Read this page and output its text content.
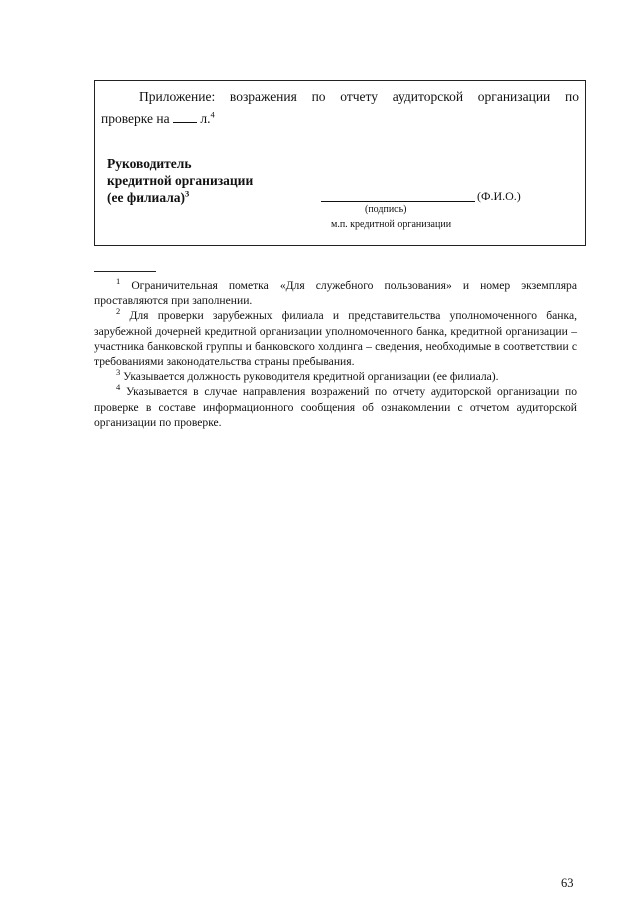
Приложение: возражения по отчету аудиторской организации по
проверке на  л.$^4$
Руководитель
кредитной организации
(ее филиала)$^3$	(Ф.И.О.)
(подпись)
м.п. кредитной организации

$^1$ Ограничительная пометка «Для служебного пользования» и номер экземпляра проставляются при заполнении.

$^2$ Для проверки зарубежных филиала и представительства уполномоченного банка, зарубежной дочерней кредитной организации уполномоченного банка, кредитной организации – участника банковской группы и банковского холдинга – сведения, необходимые в соответствии с требованиями законодательства страны пребывания.

$^3$ Указывается должность руководителя кредитной организации (ее филиала).

$^4$ Указывается в случае направления возражений по отчету аудиторской организации по проверке в составе информационного сообщения об ознакомлении с отчетом аудиторской организации по проверке.

63
